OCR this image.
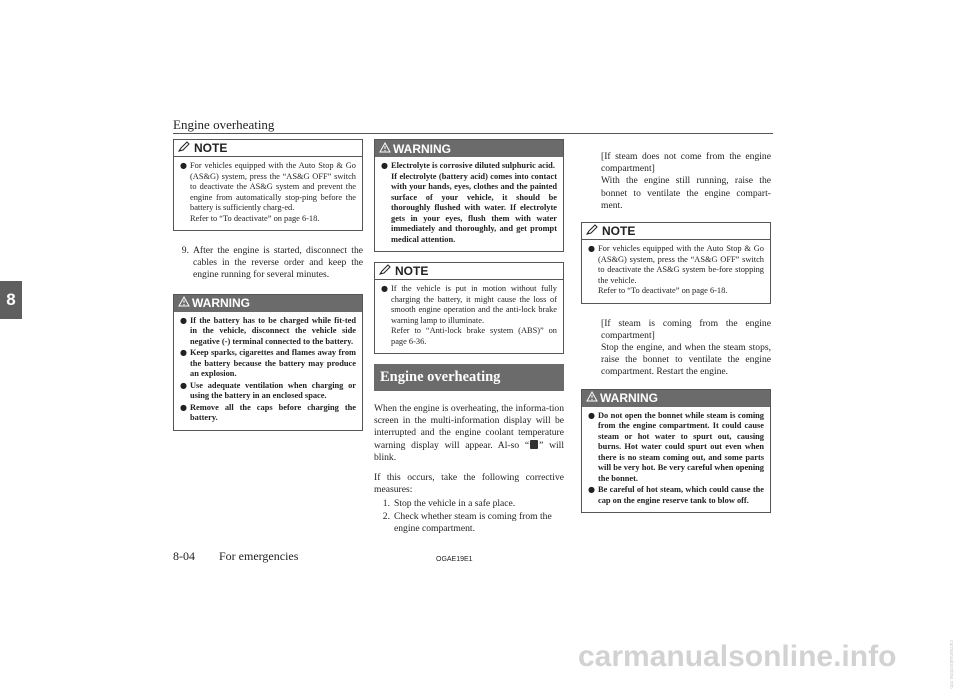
Engine overheating
8
NOTE
● For vehicles equipped with the Auto Stop & Go (AS&G) system, press the “AS&G OFF” switch to deactivate the AS&G system and prevent the engine from automatically stop-ping before the battery is sufficiently charg-ed.
Refer to “To deactivate” on page 6-18.
9. After the engine is started, disconnect the cables in the reverse order and keep the engine running for several minutes.
WARNING
● If the battery has to be charged while fit-ted in the vehicle, disconnect the vehicle side negative (-) terminal connected to the battery.
● Keep sparks, cigarettes and flames away from the battery because the battery may produce an explosion.
● Use adequate ventilation when charging or using the battery in an enclosed space.
● Remove all the caps before charging the battery.
WARNING
● Electrolyte is corrosive diluted sulphuric acid.
If electrolyte (battery acid) comes into contact with your hands, eyes, clothes and the painted surface of your vehicle, it should be thoroughly flushed with water. If electrolyte gets in your eyes, flush them with water immediately and thoroughly, and get prompt medical attention.
NOTE
● If the vehicle is put in motion without fully charging the battery, it might cause the loss of smooth engine operation and the anti-lock brake warning lamp to illuminate.
Refer to “Anti-lock brake system (ABS)” on page 6-36.
Engine overheating
When the engine is overheating, the informa-tion screen in the multi-information display will be interrupted and the engine coolant temperature warning display will appear. Al-so “ ” will blink.
If this occurs, take the following corrective measures:
1. Stop the vehicle in a safe place.
2. Check whether steam is coming from the engine compartment.
[If steam does not come from the engine compartment]
With the engine still running, raise the bonnet to ventilate the engine compart-ment.
NOTE
● For vehicles equipped with the Auto Stop & Go (AS&G) system, press the “AS&G OFF” switch to deactivate the AS&G system be-fore stopping the vehicle.
Refer to “To deactivate” on page 6-18.
[If steam is coming from the engine compartment]
Stop the engine, and when the steam stops, raise the bonnet to ventilate the engine compartment. Restart the engine.
WARNING
● Do not open the bonnet while steam is coming from the engine compartment. It could cause steam or hot water to spurt out, causing burns. Hot water could spurt out even when there is no steam coming out, and some parts will be very hot. Be very careful when opening the bonnet.
● Be careful of hot steam, which could cause the cap on the engine reserve tank to blow off.
8-04 For emergencies	OGAE19E1
carmanualsonline.info	carmanualsonline.info
